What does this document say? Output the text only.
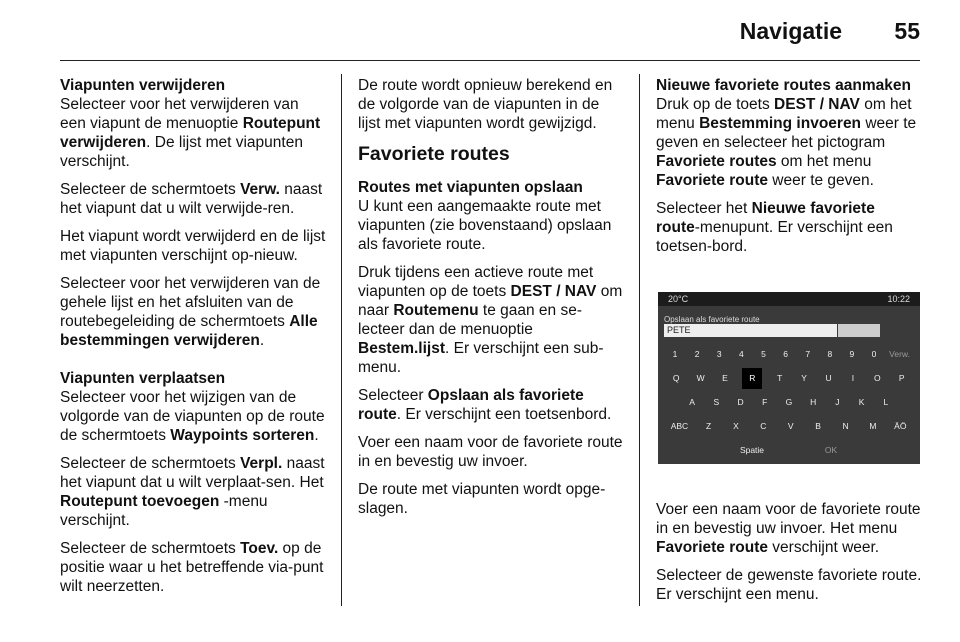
Navigatie 55

Viapunten verwijderen

Selecteer voor het verwijderen van een viapunt de menuoptie Routepunt verwijderen. De lijst met viapunten verschijnt.

Selecteer de schermtoets Verw. naast het viapunt dat u wilt verwijde-ren.

Het viapunt wordt verwijderd en de lijst met viapunten verschijnt op-nieuw.

Selecteer voor het verwijderen van de gehele lijst en het afsluiten van de routebegeleiding de schermtoets Alle bestemmingen verwijderen.

Viapunten verplaatsen

Selecteer voor het wijzigen van de volgorde van de viapunten op de route de schermtoets Waypoints sorteren.

Selecteer de schermtoets Verpl. naast het viapunt dat u wilt verplaat-sen. Het Routepunt toevoegen -menu verschijnt.

Selecteer de schermtoets Toev. op de positie waar u het betreffende via-punt wilt neerzetten.

De route wordt opnieuw berekend en de volgorde van de viapunten in de lijst met viapunten wordt gewijzigd.

Favoriete routes

Routes met viapunten opslaan

U kunt een aangemaakte route met viapunten (zie bovenstaand) opslaan als favoriete route.

Druk tijdens een actieve route met viapunten op de toets DEST / NAV om naar Routemenu te gaan en se-lecteer dan de menuoptie Bestem.lijst. Er verschijnt een sub-menu.

Selecteer Opslaan als favoriete route. Er verschijnt een toetsenbord.

Voer een naam voor de favoriete route in en bevestig uw invoer.

De route met viapunten wordt opge-slagen.

Nieuwe favoriete routes aanmaken

Druk op de toets DEST / NAV om het menu Bestemming invoeren weer te geven en selecteer het pictogram Favoriete routes om het menu Favoriete route weer te geven.

Selecteer het Nieuwe favoriete route-menupunt. Er verschijnt een toetsen-bord.

20°C	10:22
Opslaan als favoriete route
PETE
1	2	3	4	5	6	7	8	9	0	Verw.
Q	W	E	R	T	Y	U	I	O	P
A	S	D	F	G	H	J	K	L
ABC	Z	X	C	V	B	N	M	ÄÖ
Spatie	OK

Voer een naam voor de favoriete route in en bevestig uw invoer. Het menu Favoriete route verschijnt weer.

Selecteer de gewenste favoriete route. Er verschijnt een menu.
